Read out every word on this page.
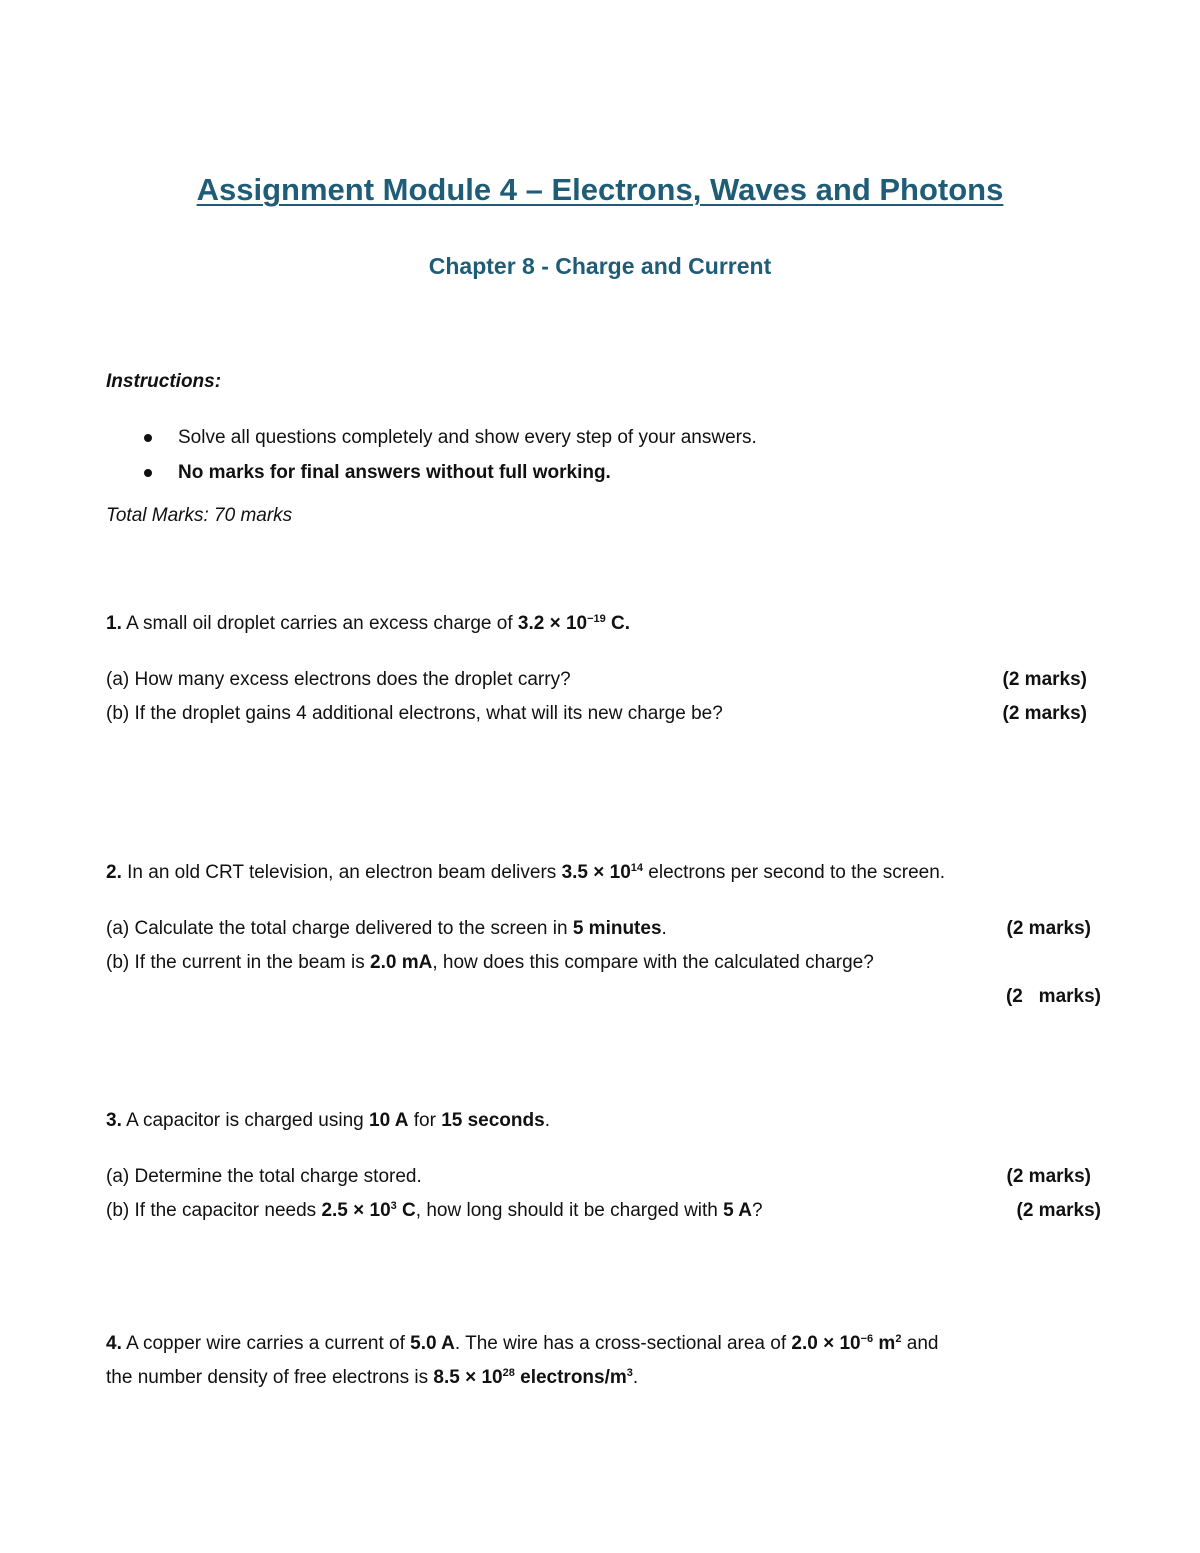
Assignment Module 4 – Electrons, Waves and Photons
Chapter 8 - Charge and Current
Instructions:
Solve all questions completely and show every step of your answers.
No marks for final answers without full working.
Total Marks: 70 marks
1. A small oil droplet carries an excess charge of $3.2 \times 10^{-19}$ C.
(a) How many excess electrons does the droplet carry?	(2 marks)
(b) If the droplet gains 4 additional electrons, what will its new charge be?	(2 marks)
2. In an old CRT television, an electron beam delivers $3.5 \times 10^{14}$ electrons per second to the screen.
(a) Calculate the total charge delivered to the screen in 5 minutes.	(2 marks)
(b) If the current in the beam is 2.0 mA, how does this compare with the calculated charge?
(2   marks)
3. A capacitor is charged using 10 A for 15 seconds.
(a) Determine the total charge stored.	(2 marks)
(b) If the capacitor needs $2.5 \times 10^3$ C, how long should it be charged with 5 A?	(2 marks)
4. A copper wire carries a current of 5.0 A. The wire has a cross-sectional area of $2.0 \times 10^{-6}$ $m^2$ and
the number density of free electrons is $8.5 \times 10^{28}$ electrons/$m^3$.
